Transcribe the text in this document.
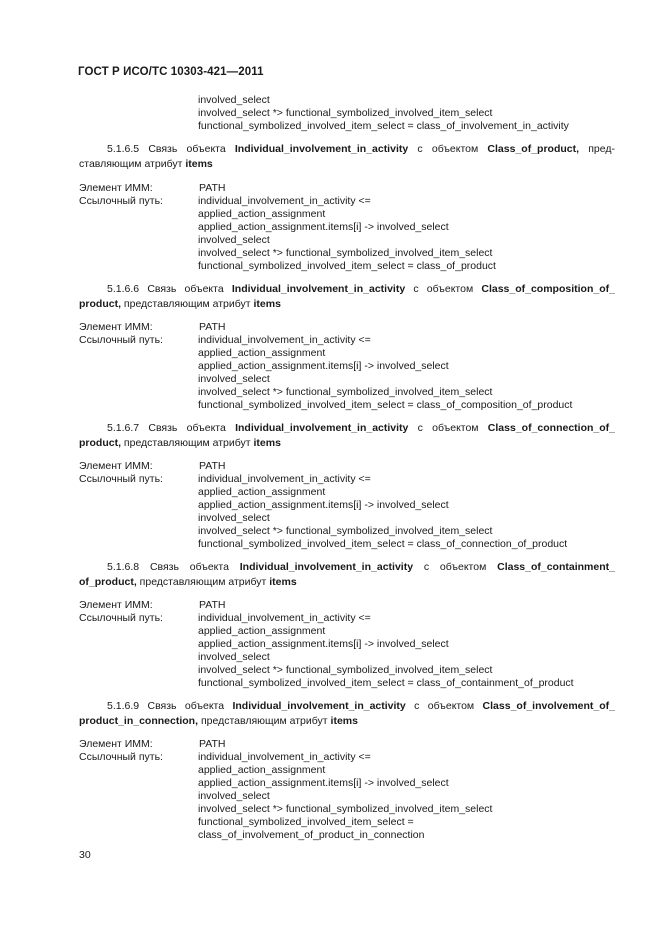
ГОСТ Р ИСО/ТС 10303-421—2011
involved_select
involved_select *> functional_symbolized_involved_item_select
functional_symbolized_involved_item_select = class_of_involvement_in_activity
5.1.6.5 Связь объекта Individual_involvement_in_activity с объектом Class_of_product, пред-
ставляющим атрибут items
Элемент ИММ:	PATH
Ссылочный путь:	individual_involvement_in_activity <=
applied_action_assignment
applied_action_assignment.items[i] -> involved_select
involved_select
involved_select *> functional_symbolized_involved_item_select
functional_symbolized_involved_item_select = class_of_product
5.1.6.6 Связь объекта Individual_involvement_in_activity с объектом Class_of_composition_of_
product, представляющим атрибут items
Элемент ИММ:	PATH
Ссылочный путь:	individual_involvement_in_activity <=
applied_action_assignment
applied_action_assignment.items[i] -> involved_select
involved_select
involved_select *> functional_symbolized_involved_item_select
functional_symbolized_involved_item_select = class_of_composition_of_product
5.1.6.7 Связь объекта Individual_involvement_in_activity с объектом Class_of_connection_of_
product, представляющим атрибут items
Элемент ИММ:	PATH
Ссылочный путь:	individual_involvement_in_activity <=
applied_action_assignment
applied_action_assignment.items[i] -> involved_select
involved_select
involved_select *> functional_symbolized_involved_item_select
functional_symbolized_involved_item_select = class_of_connection_of_product
5.1.6.8 Связь объекта Individual_involvement_in_activity с объектом Class_of_containment_
of_product, представляющим атрибут items
Элемент ИММ:	PATH
Ссылочный путь:	individual_involvement_in_activity <=
applied_action_assignment
applied_action_assignment.items[i] -> involved_select
involved_select
involved_select *> functional_symbolized_involved_item_select
functional_symbolized_involved_item_select = class_of_containment_of_product
5.1.6.9 Связь объекта Individual_involvement_in_activity с объектом Class_of_involvement_of_
product_in_connection, представляющим атрибут items
Элемент ИММ:	PATH
Ссылочный путь:	individual_involvement_in_activity <=
applied_action_assignment
applied_action_assignment.items[i] -> involved_select
involved_select
involved_select *> functional_symbolized_involved_item_select
functional_symbolized_involved_item_select =
class_of_involvement_of_product_in_connection
30
